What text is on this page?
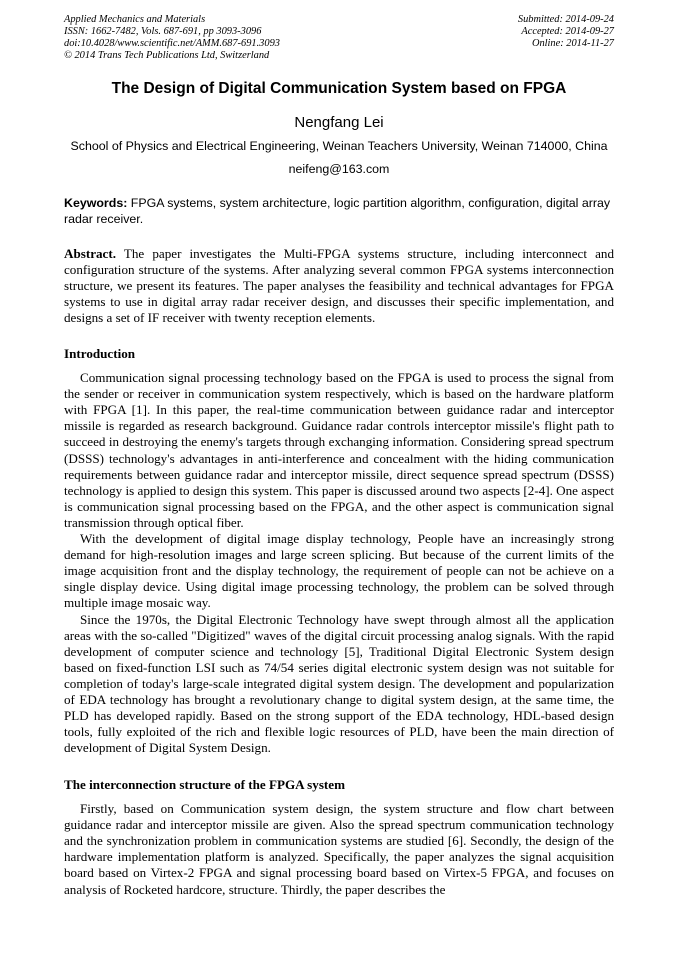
Applied Mechanics and Materials
ISSN: 1662-7482, Vols. 687-691, pp 3093-3096
doi:10.4028/www.scientific.net/AMM.687-691.3093
© 2014 Trans Tech Publications Ltd, Switzerland
Submitted: 2014-09-24
Accepted: 2014-09-27
Online: 2014-11-27
The Design of Digital Communication System based on FPGA
Nengfang Lei
School of Physics and Electrical Engineering, Weinan Teachers University, Weinan 714000, China
neifeng@163.com
Keywords: FPGA systems, system architecture, logic partition algorithm, configuration, digital array radar receiver.

Abstract. The paper investigates the Multi-FPGA systems structure, including interconnect and configuration structure of the systems. After analyzing several common FPGA systems interconnection structure, we present its features. The paper analyses the feasibility and technical advantages for FPGA systems to use in digital array radar receiver design, and discusses their specific implementation, and designs a set of IF receiver with twenty reception elements.

Introduction

Communication signal processing technology based on the FPGA is used to process the signal from the sender or receiver in communication system respectively, which is based on the hardware platform with FPGA [1]. In this paper, the real-time communication between guidance radar and interceptor missile is regarded as research background. Guidance radar controls interceptor missile's flight path to succeed in destroying the enemy's targets through exchanging information. Considering spread spectrum (DSSS) technology's advantages in anti-interference and concealment with the hiding communication requirements between guidance radar and interceptor missile, direct sequence spread spectrum (DSSS) technology is applied to design this system. This paper is discussed around two aspects [2-4]. One aspect is communication signal processing based on the FPGA, and the other aspect is communication signal transmission through optical fiber.

With the development of digital image display technology, People have an increasingly strong demand for high-resolution images and large screen splicing. But because of the current limits of the image acquisition front and the display technology, the requirement of people can not be achieve on a single display device. Using digital image processing technology, the problem can be solved through multiple image mosaic way.

Since the 1970s, the Digital Electronic Technology have swept through almost all the application areas with the so-called "Digitized" waves of the digital circuit processing analog signals. With the rapid development of computer science and technology [5], Traditional Digital Electronic System design based on fixed-function LSI such as 74/54 series digital electronic system design was not suitable for completion of today's large-scale integrated digital system design. The development and popularization of EDA technology has brought a revolutionary change to digital system design, at the same time, the PLD has developed rapidly. Based on the strong support of the EDA technology, HDL-based design tools, fully exploited of the rich and flexible logic resources of PLD, have been the main direction of development of Digital System Design.

The interconnection structure of the FPGA system

Firstly, based on Communication system design, the system structure and flow chart between guidance radar and interceptor missile are given. Also the spread spectrum communication technology and the synchronization problem in communication systems are studied [6]. Secondly, the design of the hardware implementation platform is analyzed. Specifically, the paper analyzes the signal acquisition board based on Virtex-2 FPGA and signal processing board based on Virtex-5 FPGA, and focuses on analysis of Rocketed hardcore, structure. Thirdly, the paper describes the
